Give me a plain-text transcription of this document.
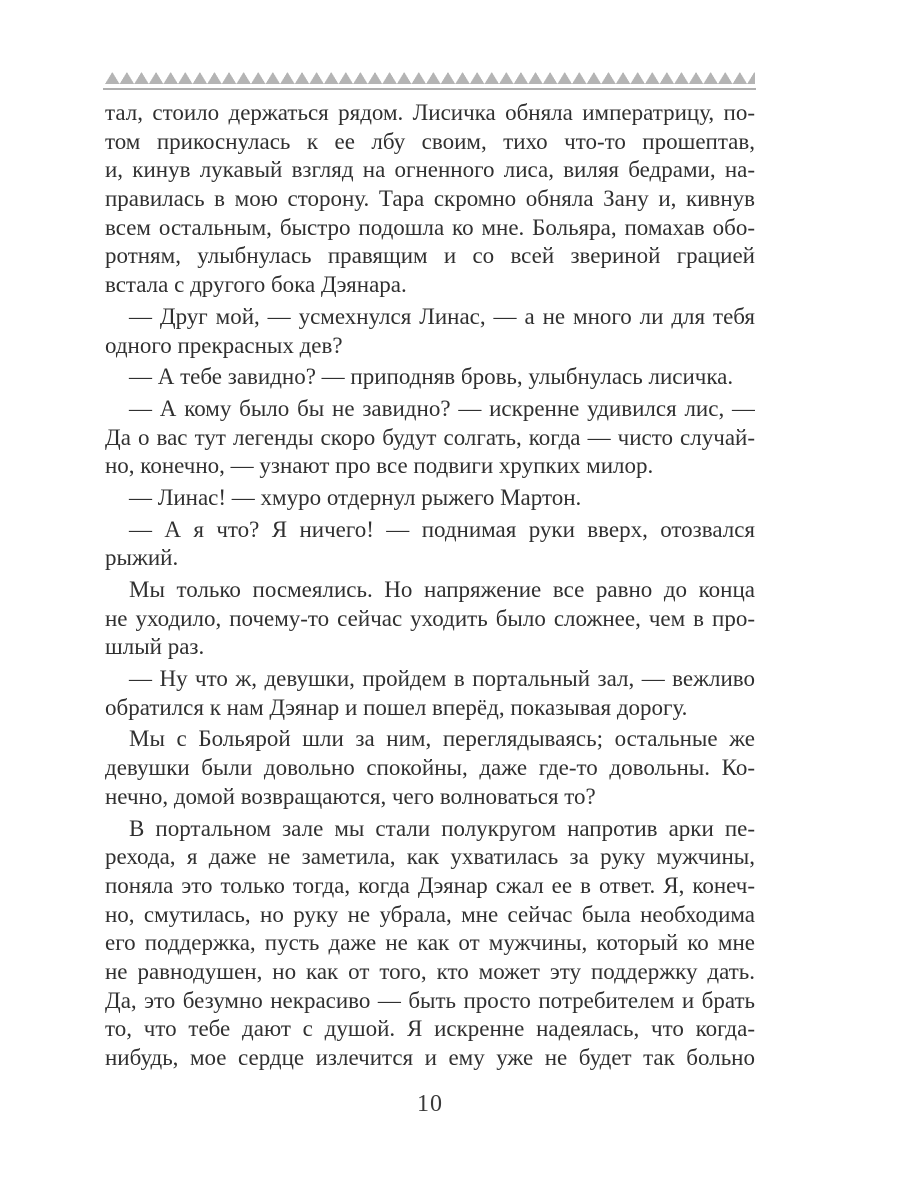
тал, стоило держаться рядом. Лисичка обняла императрицу, по-
том прикоснулась к ее лбу своим, тихо что-то прошептав,
и, кинув лукавый взгляд на огненного лиса, виляя бедрами, на-
правилась в мою сторону. Тара скромно обняла Зану и, кивнув
всем остальным, быстро подошла ко мне. Больяра, помахав обо-
ротням, улыбнулась правящим и со всей звериной грацией
встала с другого бока Дэянара.

— Друг мой, — усмехнулся Линас, — а не много ли для тебя
одного прекрасных дев?

— А тебе завидно? — приподняв бровь, улыбнулась лисичка.

— А кому было бы не завидно? — искренне удивился лис, —
Да о вас тут легенды скоро будут солгать, когда — чисто случай-
но, конечно, — узнают про все подвиги хрупких милор.

— Линас! — хмуро отдернул рыжего Мартон.

— А я что? Я ничего! — поднимая руки вверх, отозвался
рыжий.

Мы только посмеялись. Но напряжение все равно до конца
не уходило, почему-то сейчас уходить было сложнее, чем в про-
шлый раз.

— Ну что ж, девушки, пройдем в портальный зал, — вежливо
обратился к нам Дэянар и пошел вперёд, показывая дорогу.

Мы с Больярой шли за ним, переглядываясь; остальные же
девушки были довольно спокойны, даже где-то довольны. Ко-
нечно, домой возвращаются, чего волноваться то?

В портальном зале мы стали полукругом напротив арки пе-
рехода, я даже не заметила, как ухватилась за руку мужчины,
поняла это только тогда, когда Дэянар сжал ее в ответ. Я, конеч-
но, смутилась, но руку не убрала, мне сейчас была необходима
его поддержка, пусть даже не как от мужчины, который ко мне
не равнодушен, но как от того, кто может эту поддержку дать.
Да, это безумно некрасиво — быть просто потребителем и брать
то, что тебе дают с душой. Я искренне надеялась, что когда-
нибудь, мое сердце излечится и ему уже не будет так больно

10
